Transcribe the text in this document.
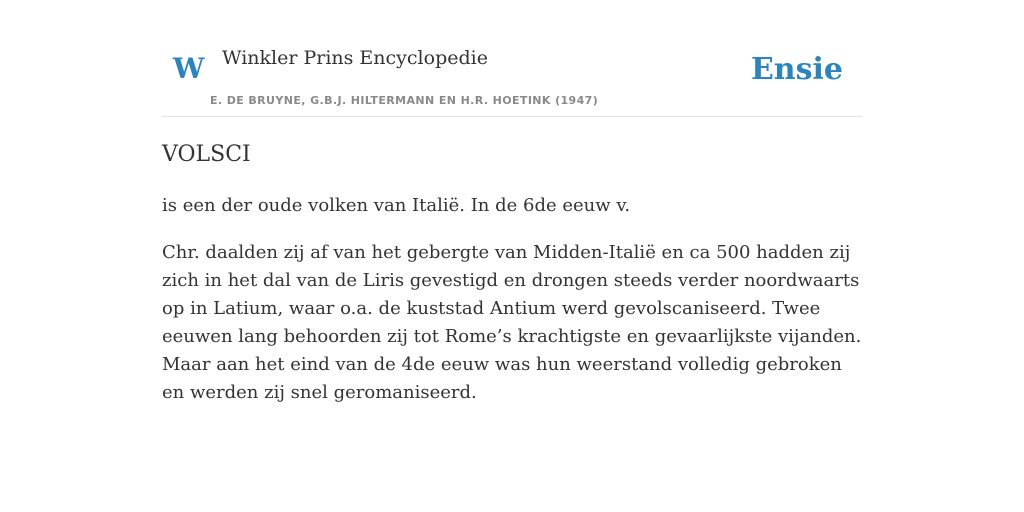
W Winkler Prins Encyclopedie
E. DE BRUYNE, G.B.J. HILTERMANN EN H.R. HOETINK (1947)
Ensie
VOLSCI

is een der oude volken van Italië. In de 6de eeuw v.

Chr. daalden zij af van het gebergte van Midden-Italië en ca 500 hadden zij zich in het dal van de Liris gevestigd en drongen steeds verder noordwaarts op in Latium, waar o.a. de kuststad Antium werd gevolscaniseerd. Twee eeuwen lang behoorden zij tot Rome’s krachtigste en gevaarlijkste vijanden. Maar aan het eind van de 4de eeuw was hun weerstand volledig gebroken en werden zij snel geromaniseerd.
